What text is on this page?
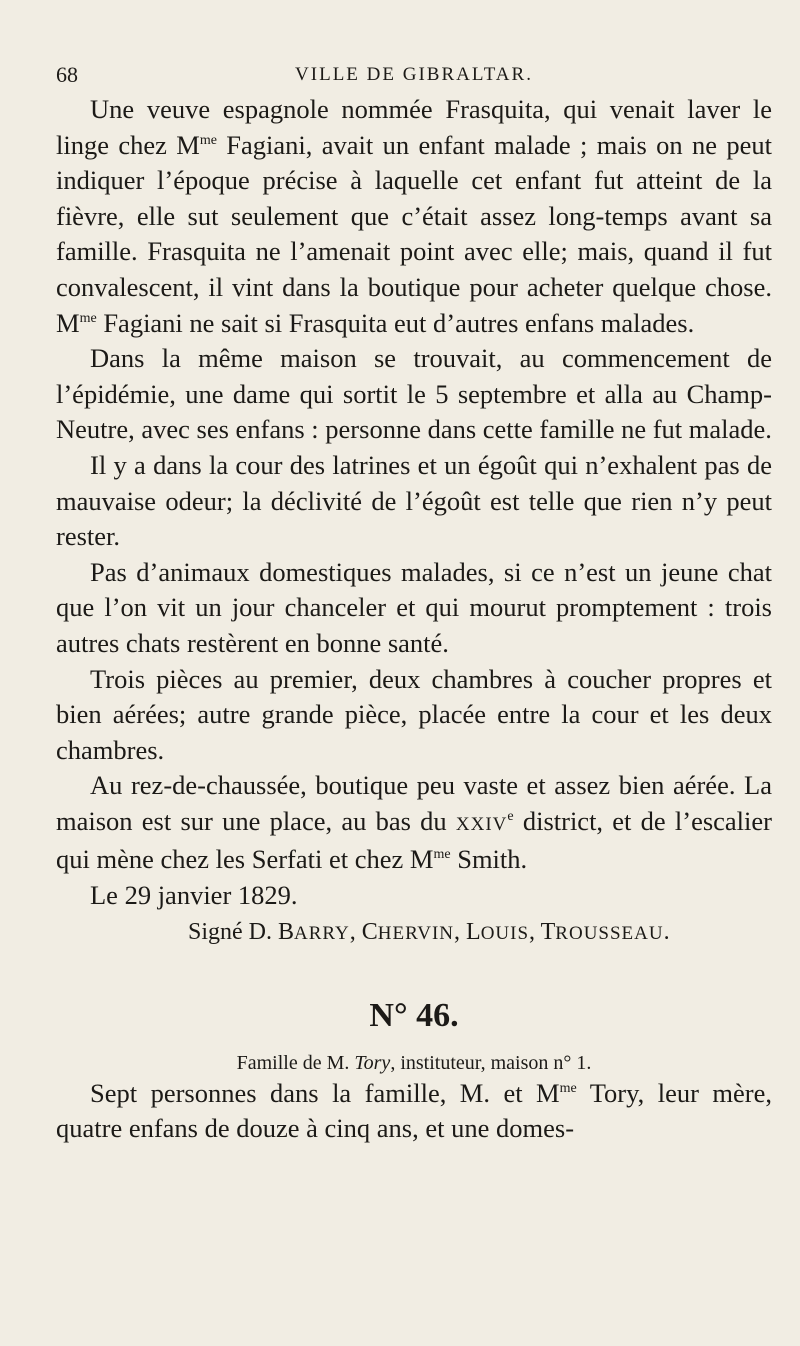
68	VILLE DE GIBRALTAR.

Une veuve espagnole nommée Frasquita, qui venait laver le linge chez $M^{me}$ Fagiani, avait un enfant malade ; mais on ne peut indiquer l’époque précise à laquelle cet enfant fut atteint de la fièvre, elle sut seulement que c’était assez long-temps avant sa famille. Frasquita ne l’amenait point avec elle; mais, quand il fut convalescent, il vint dans la boutique pour acheter quelque chose. $M^{me}$ Fagiani ne sait si Frasquita eut d’autres enfans malades.

Dans la même maison se trouvait, au commencement de l’épidémie, une dame qui sortit le 5 septembre et alla au Champ-Neutre, avec ses enfans : personne dans cette famille ne fut malade.

Il y a dans la cour des latrines et un égoût qui n’exhalent pas de mauvaise odeur; la déclivité de l’égoût est telle que rien n’y peut rester.

Pas d’animaux domestiques malades, si ce n’est un jeune chat que l’on vit un jour chanceler et qui mourut promptement : trois autres chats restèrent en bonne santé.

Trois pièces au premier, deux chambres à coucher propres et bien aérées; autre grande pièce, placée entre la cour et les deux chambres.

Au rez-de-chaussée, boutique peu vaste et assez bien aérée. La maison est sur une place, au bas du XXIVe district, et de l’escalier qui mène chez les Serfati et chez $M^{me}$ Smith.

Le 29 janvier 1829.

Signé D. BARRY, CHERVIN, LOUIS, TROUSSEAU.

N° 46.
Famille de M. Tory, instituteur, maison n° 1.

Sept personnes dans la famille, M. et $M^{me}$ Tory, leur mère, quatre enfans de douze à cinq ans, et une domes-
